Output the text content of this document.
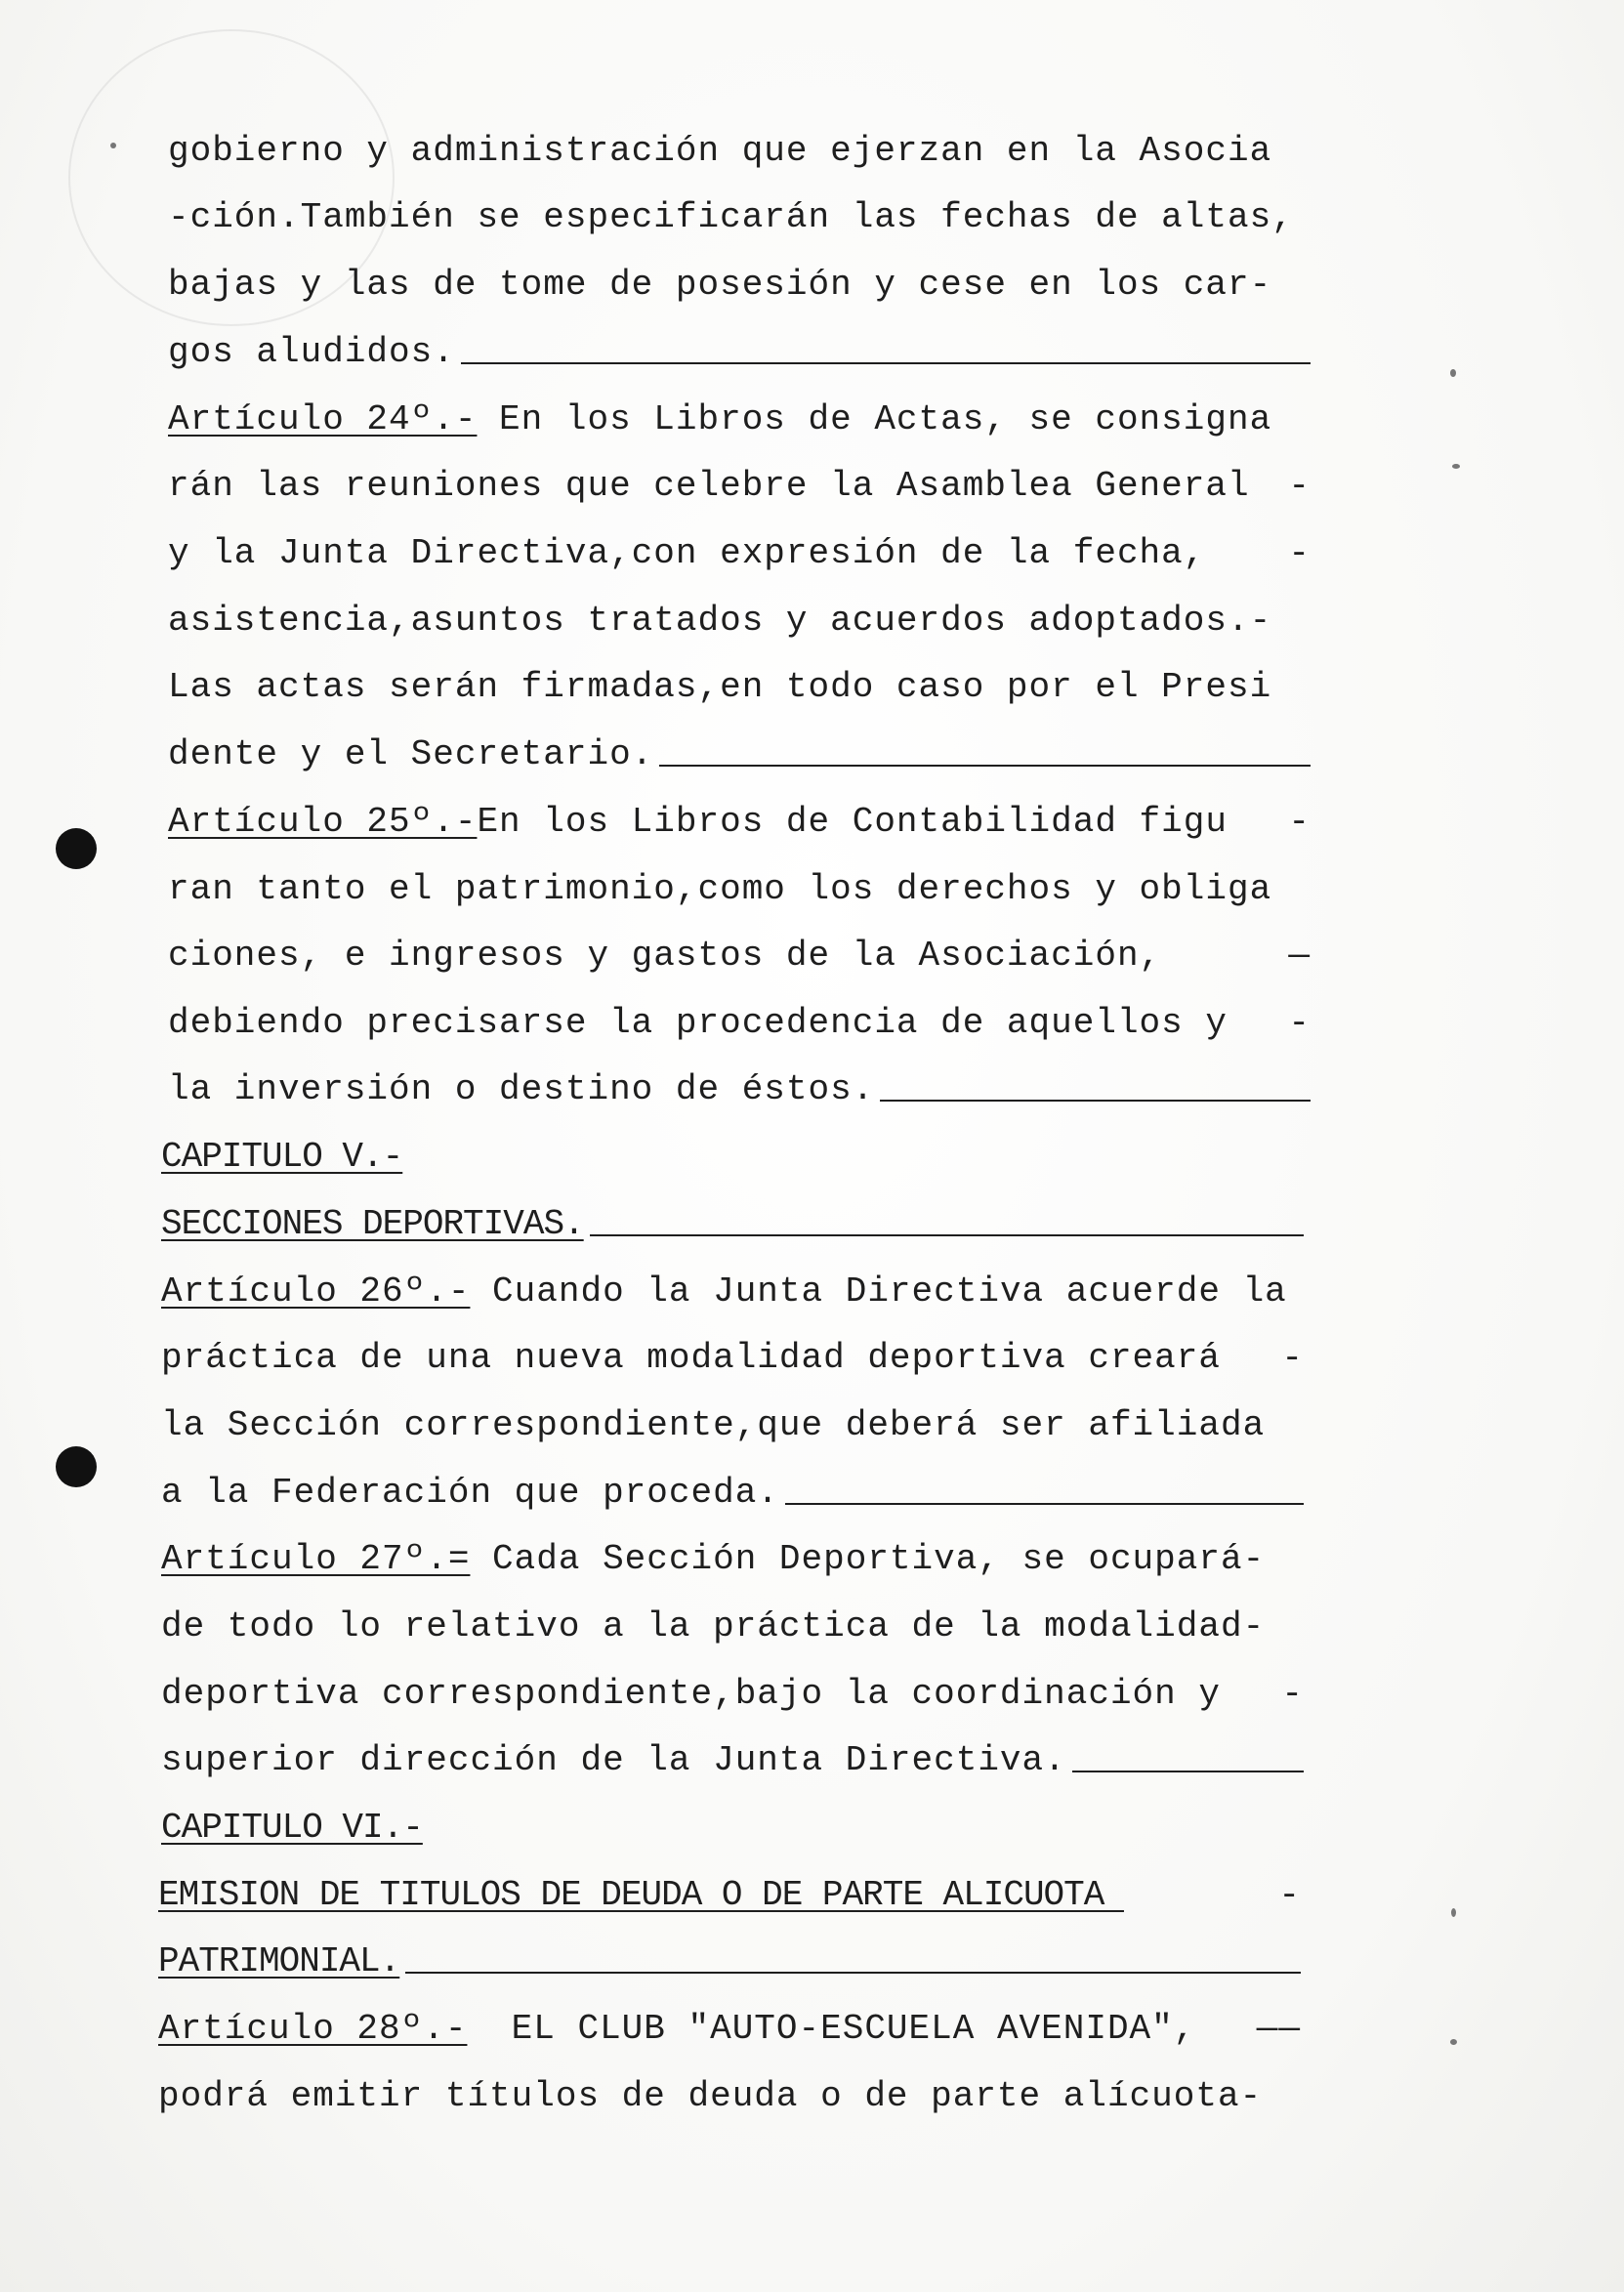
gobierno y administración que ejerzan en la Asocia
-ción.También se especificarán las fechas de altas,
bajas y las de tome de posesión y cese en los car-
gos aludidos.
Artículo 24º.- En los Libros de Actas, se consigna
rán las reuniones que celebre la Asamblea General -
y la Junta Directiva,con expresión de la fecha, -
asistencia,asuntos tratados y acuerdos adoptados.-
Las actas serán firmadas,en todo caso por el Presi
dente y el Secretario.
Artículo 25º.-En los Libros de Contabilidad figu -
ran tanto el patrimonio,como los derechos y obliga
ciones, e ingresos y gastos de la Asociación,	—
debiendo precisarse la procedencia de aquellos y -
la inversión o destino de éstos.
CAPITULO V.-
SECCIONES DEPORTIVAS.
Artículo 26º.- Cuando la Junta Directiva acuerde la
práctica de una nueva modalidad deportiva creará -
la Sección correspondiente,que deberá ser afiliada
a la Federación que proceda.
Artículo 27º.= Cada Sección Deportiva, se ocupará-
de todo lo relativo a la práctica de la modalidad-
deportiva correspondiente,bajo la coordinación y -
superior dirección de la Junta Directiva.
CAPITULO VI.-
EMISION DE TITULOS DE DEUDA O DE PARTE ALICUOTA	-
PATRIMONIAL.
Artículo 28º.-  EL CLUB "AUTO-ESCUELA AVENIDA", ——
podrá emitir títulos de deuda o de parte alícuota-
